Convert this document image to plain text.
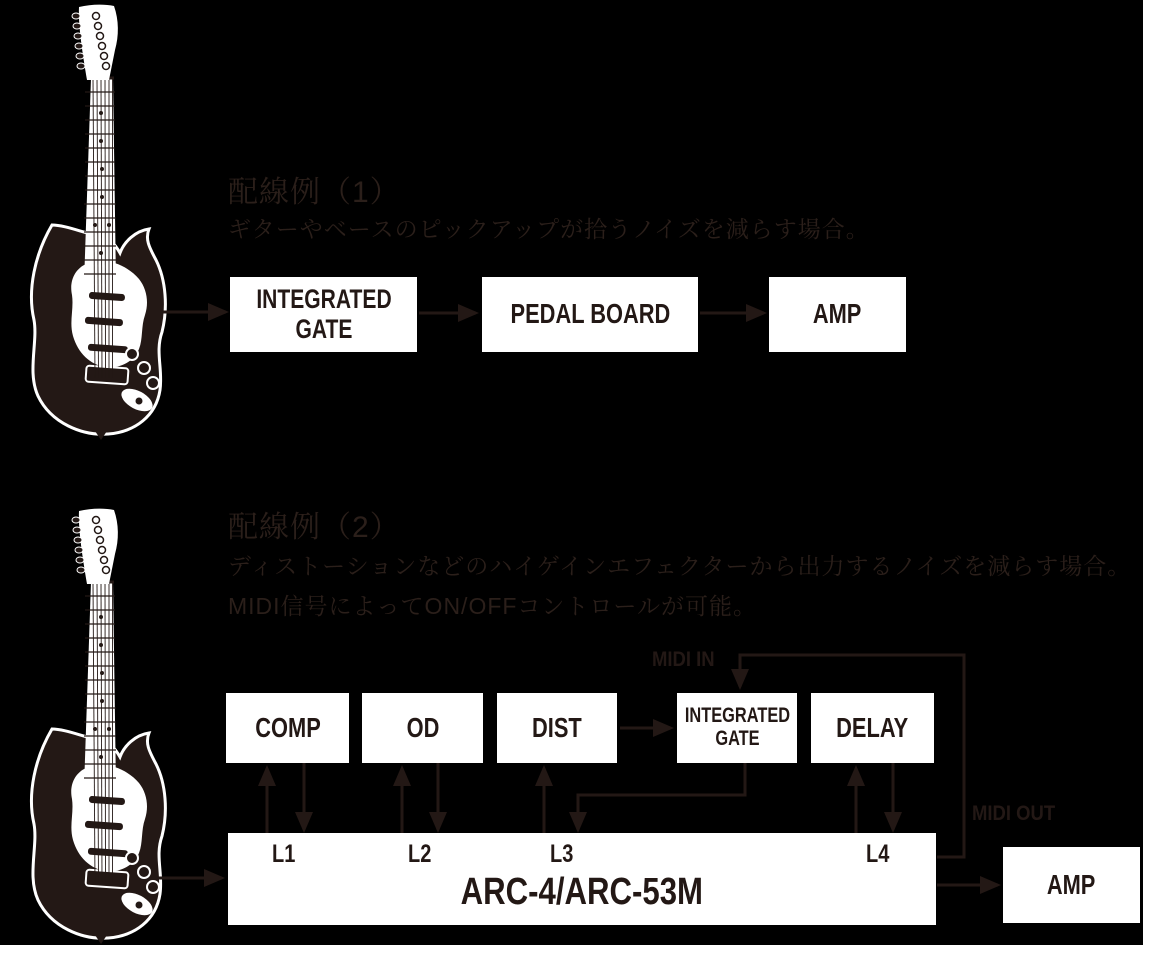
配線例（1）
ギターやベースのピックアップが拾うノイズを減らす場合。
INTEGRATED GATE	PEDAL BOARD	AMP
配線例（2）
ディストーションなどのハイゲインエフェクターから出力するノイズを減らす場合。
MIDI信号によってON/OFFコントロールが可能。
MIDI IN
MIDI OUT
COMP	OD	DIST	INTEGRATED GATE	DELAY
L1	L2	L3	L4
ARC-4/ARC-53M	AMP
